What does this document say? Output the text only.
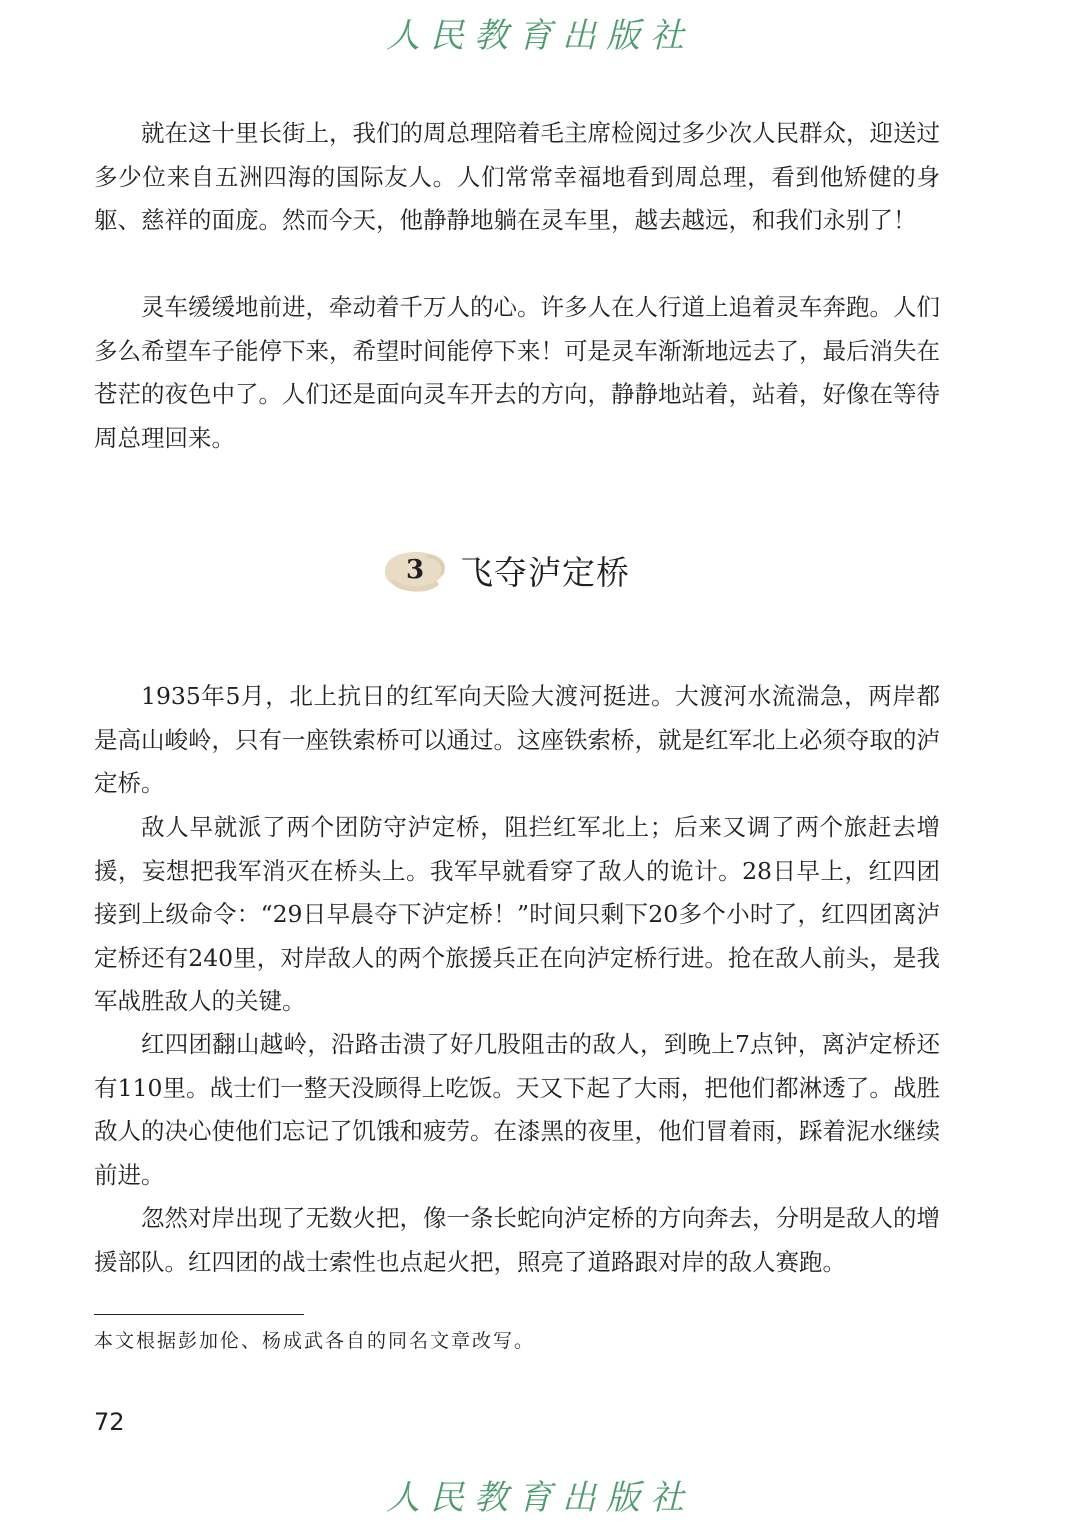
人民教育出版社

就在这十里长街上，我们的周总理陪着毛主席检阅过多少次人民群众，迎送过多少位来自五洲四海的国际友人。人们常常幸福地看到周总理，看到他矫健的身躯、慈祥的面庞。然而今天，他静静地躺在灵车里，越去越远，和我们永别了！

灵车缓缓地前进，牵动着千万人的心。许多人在人行道上追着灵车奔跑。人们多么希望车子能停下来，希望时间能停下来！可是灵车渐渐地远去了，最后消失在苍茫的夜色中了。人们还是面向灵车开去的方向，静静地站着，站着，好像在等待周总理回来。

3 飞夺泸定桥

1935年5月，北上抗日的红军向天险大渡河挺进。大渡河水流湍急，两岸都是高山峻岭，只有一座铁索桥可以通过。这座铁索桥，就是红军北上必须夺取的泸定桥。

敌人早就派了两个团防守泸定桥，阻拦红军北上；后来又调了两个旅赶去增援，妄想把我军消灭在桥头上。我军早就看穿了敌人的诡计。28日早上，红四团接到上级命令：“29日早晨夺下泸定桥！”时间只剩下20多个小时了，红四团离泸定桥还有240里，对岸敌人的两个旅援兵正在向泸定桥行进。抢在敌人前头，是我军战胜敌人的关键。

红四团翻山越岭，沿路击溃了好几股阻击的敌人，到晚上7点钟，离泸定桥还有110里。战士们一整天没顾得上吃饭。天又下起了大雨，把他们都淋透了。战胜敌人的决心使他们忘记了饥饿和疲劳。在漆黑的夜里，他们冒着雨，踩着泥水继续前进。

忽然对岸出现了无数火把，像一条长蛇向泸定桥的方向奔去，分明是敌人的增援部队。红四团的战士索性也点起火把，照亮了道路跟对岸的敌人赛跑。

本文根据彭加伦、杨成武各自的同名文章改写。

72
人民教育出版社
